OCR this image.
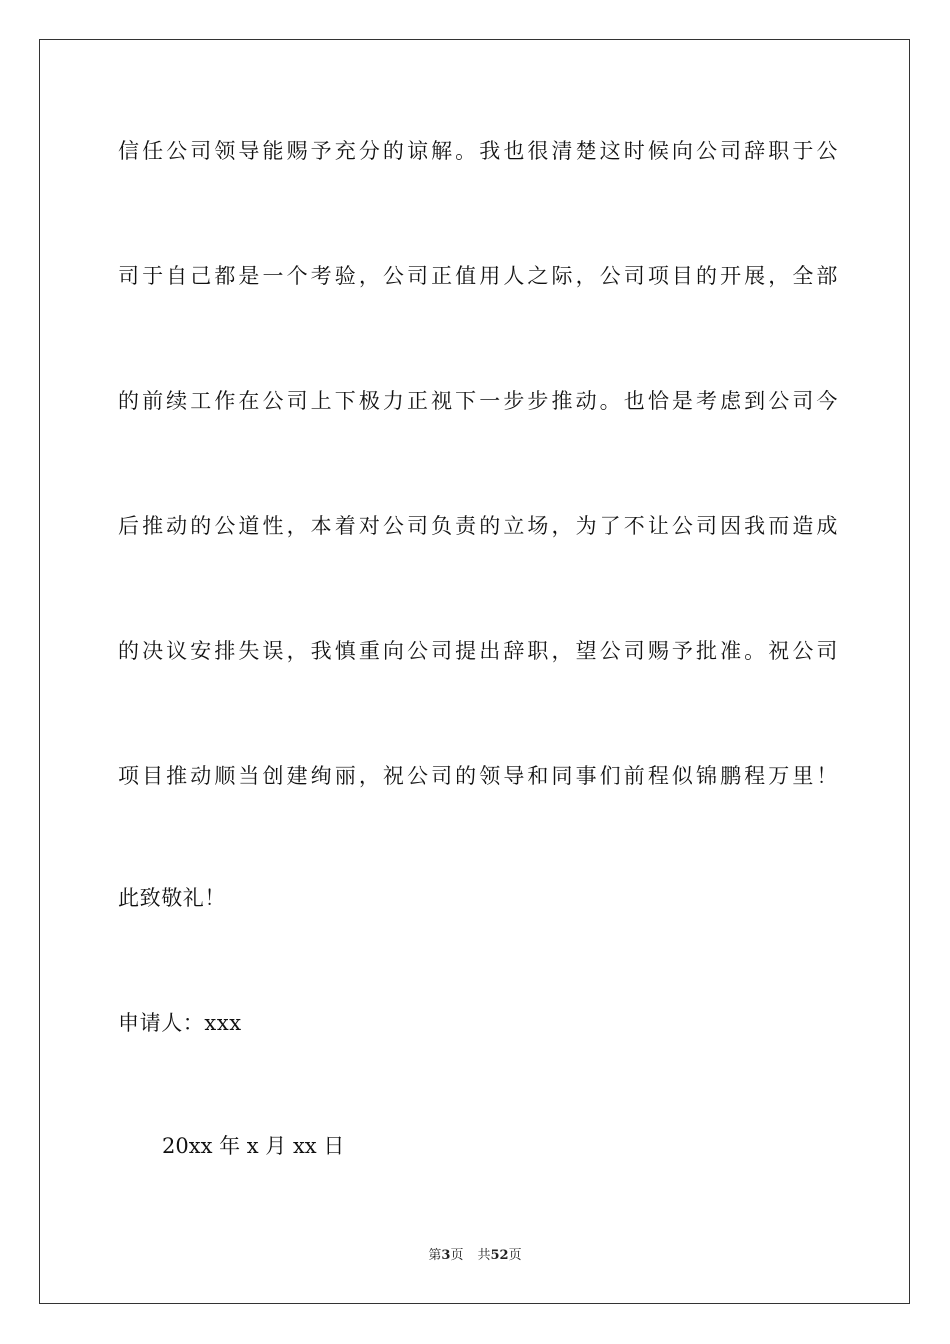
信任公司领导能赐予充分的谅解。我也很清楚这时候向公司辞职于公
司于自己都是一个考验，公司正值用人之际，公司项目的开展，全部
的前续工作在公司上下极力正视下一步步推动。也恰是考虑到公司今
后推动的公道性，本着对公司负责的立场，为了不让公司因我而造成
的决议安排失误，我慎重向公司提出辞职，望公司赐予批准。祝公司
项目推动顺当创建绚丽，祝公司的领导和同事们前程似锦鹏程万里！
此致敬礼！
申请人：xxx
20xx 年 x 月 xx 日
第3页 共52页
